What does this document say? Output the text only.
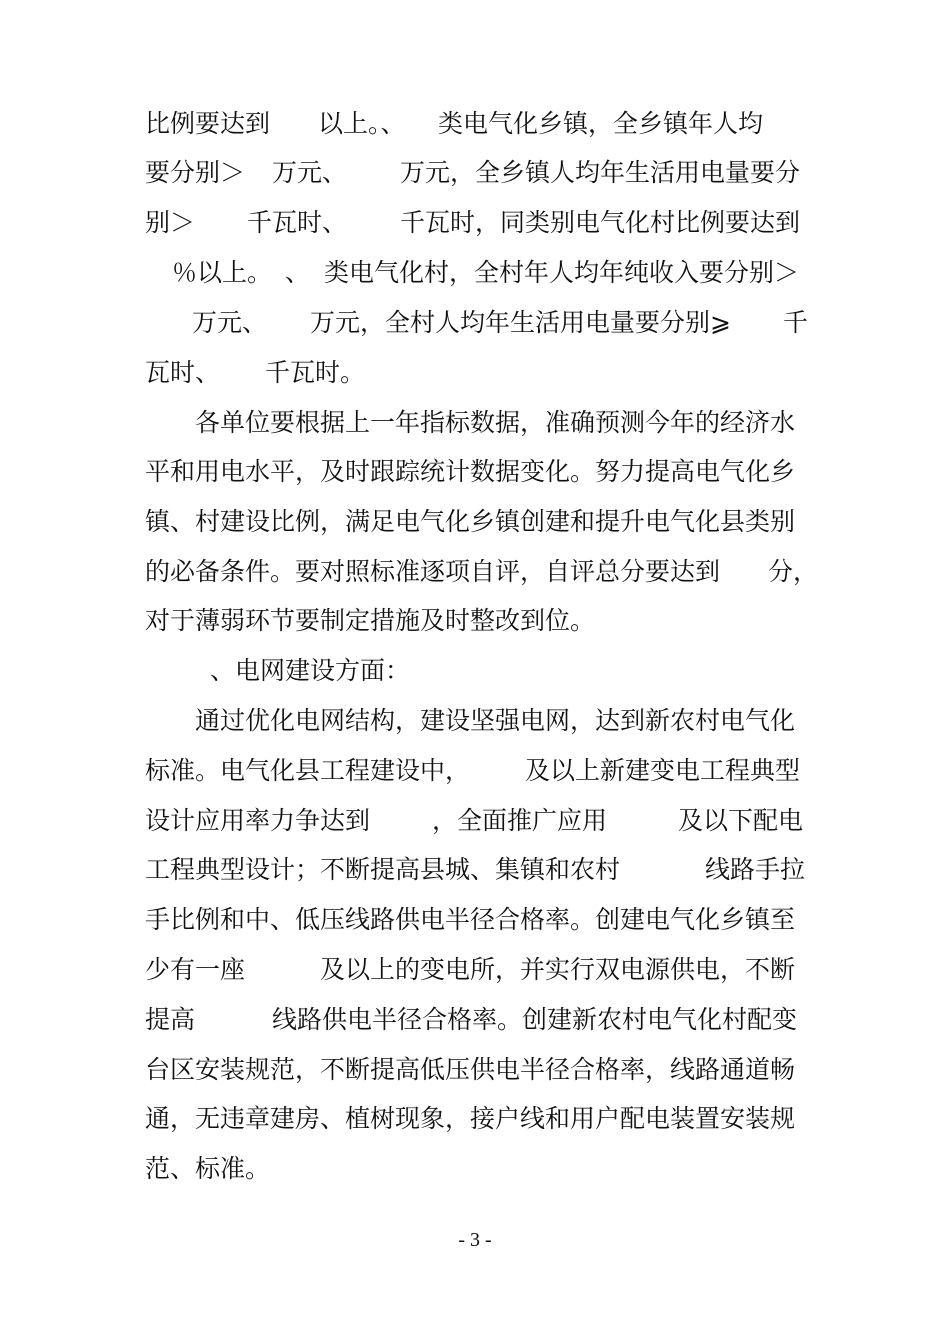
比例要达到

以上。、

类电气化乡镇，全乡镇年人均

要分别＞

万元、

万元，全乡镇人均年生活用电量要分

别＞

千瓦时、

千瓦时，同类别电气化村比例要达到

％以上。

、

类电气化村，全村年人均年纯收入要分别＞

万元、

万元，全村人均年生活用电量要分别⩾

千

瓦时、

千瓦时。

各单位要根据上一年指标数据，准确预测今年的经济水

平和用电水平，及时跟踪统计数据变化。努力提高电气化乡

镇、村建设比例，满足电气化乡镇创建和提升电气化县类别

的必备条件。要对照标准逐项自评，自评总分要达到

分，

对于薄弱环节要制定措施及时整改到位。

、电网建设方面：

通过优化电网结构，建设坚强电网，达到新农村电气化

标准。电气化县工程建设中，

及以上新建变电工程典型

设计应用率力争达到

，全面推广应用

	及以下配电

工程典型设计；不断提高县城、集镇和农村

	线路手拉

手比例和中、低压线路供电半径合格率。创建电气化乡镇至

少有一座

	及以上的变电所，并实行双电源供电，不断

提高

	线路供电半径合格率。创建新农村电气化村配变

台区安装规范，不断提高低压供电半径合格率，线路通道畅

通，无违章建房、植树现象，接户线和用户配电装置安装规

范、标准。

- 3 -
